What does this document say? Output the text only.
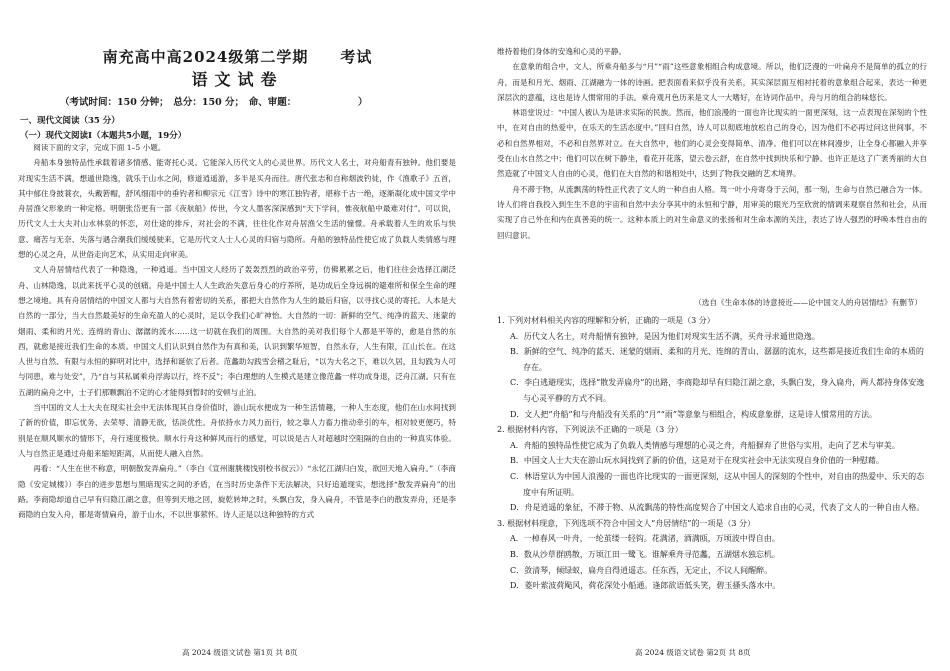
南充高中高2024级第二学期　　考试
语文试卷
（考试时间：150 分钟；　总分：150 分；　命、审题：　　　　　　　）
一、现代文阅读（35 分）
（一）现代文阅读Ⅰ（本题共5小题，19分）

阅读下面的文字，完成下面 1–5 小题。

舟船本身独特品性承载着诸多情感、能寄托心灵。它能深入历代文人的心灵世界。历代文人名士，对舟船青有独钟。他们要是对现实生活不满，想遁世隐逸，就乐于山水之间，修道逍遥游，多半是买舟而往。唐代张志和自称烟波钓徒，作《渔歌子》五首，其中郁住身披蓑衣，头戴箬帽，舒风细雨中的垂钓者和柳宗元《江雪》诗中的寒江独钓者，堪称千古一绝，逐渐凝化成中国文学中舟居渔父形象的一种定格。明朝张岱更有一部《夜航船》传世，今文人墨客深深感到“天下学问，惟夜航船中最难对付”。可以说，历代文人士大夫对山水林泉的怀恋，对仕途的排斥，对社会的不满，往往化作对舟居渔父生活的憧憬。舟承载着人生的欢乐与快意、痛苦与无奈、失落与遇合潮我们缓缓驶来，它是历代文人士人心灵的归宿与隐所。舟船的独特品性使它成了负载人类情感与理想的心灵之舟，从世俗走向艺术，从实用走向审美。

文人舟居情结代表了一种隐逸，一种逍遥。当中国文人经历了轰轰烈烈的政治辛劳，仿佛累累之后，他们往往会选择江湖泛舟、山林隐逸，以此来抚平心灵的创痛。舟是中国士人人生政治失意后身心的疗养所，是功成后全身远祸的避难所和保全生命的理想之境地。具有舟居情结的中国文人都与大自然有着密切的关系，都把大自然作为人生的最后归宿，以寻找心灵的寄托。人本是大自然的一部分，当大自然最美好的生命充盈人的心灵时，足以令我们心旷神怡。大自然的一切：新鲜的空气、纯净的蓝天、迷蒙的烟雨、柔和的月光、连绵的青山、潺潺的流水……这一切就在我们的周围。大自然的美对我们每个人都是平等的，愈是自然的东西，就愈是接近我们生命的本质。中国文人们认识到自然作为有真和美，认识到繁华短智，自然永存，人生有限，江山长在。在这人世与自然、有限与永恒的鲜明对比中，选择和诞依了后者。范蠡助勾践雪会稽之耻后，“以为大名之下，难以久居，且勾践为人可与同患，难与处安”，乃“自与其私属乘舟浮海以行，终不反”；李白理想的人生模式是建立像范蠡一样功成身退，泛舟江湖。只有在五湖的扁舟之中，士子们那颗飘泊不定的心才能得到暂时的安顿与止泊。

当中国的文人士大夫在现实社会中无法体现其自身价值时，游山玩水便成为一种生活情趣，一种人生态度，他们在山水间找到了新的价值，即忘忧务、去荣辱、清静无欲，恬淡优性。舟依持水力风力而行，较之靠人力畜力推动牵引的车，相对较更便巧，特别是在顺风顺水的情形下，舟行速度极快。顺水行舟这种鲜风而行的感觉，可以说是古人对超越时空阻隔的自由的一种真实体验。人与自然正是通过舟船来缩短距离，从而使人融入自然。

再看：“人生在世不称意，明朝散发弄扁舟。”（李白《宣州谢朓楼饯别校书叔云》）“永忆江湖归白发，欲回天地入扁舟。”（李商隐《安定城楼》）李白的进步思想与黑暗现实之间的矛盾，在当时历史条件下无法解决，只好追遁现实，想选择“散发弄扁舟”的出路。李商隐却道自己早有归隐江湖之意，但等到天地之回，旋乾转坤之时，头飘白发，身入扁舟，不管是李白的散发弄舟，还是李商隐的白发入舟，都是寄情扁舟，游于山水，不以世事萦怀。诗人正是以这种独特的方式

高 2024 级语文试卷 第1页 共 8页

维持着他们身体的安逸和心灵的平静。

在意象的组合中，文人、所乘舟船多与“月”“雨”这些意象相组合构成意境。所以，他们泛漫的一叶扁舟不是简单的孤立的行舟，而是和月光、烟雨、江湖融为一体的诗画。把表面看来似乎没有关系，其实深层面互相衬托着的意象组合起来，表达一种更深层次的意蕴，这也是诗人惯常用的手法。乘舟观月色历来是文人一大嗜好，在诗词作品中，舟与月的组合韵味悠长。

林语堂说过：“中国人被认为是讲求实际的民族。然而，他们浪漫的一面也许比现实的一面更深刻，这一点表现在深刻的个性中，在对自由的热爱中，在乐天的生活态度中。”回归自然，诗人可以彻底地放松自己的身心，因为他们不必再过问这世间事，不必和自然界相对，不必和自然界对立。在大自然中，他们的心灵会变得简单、清净。他们可以在林间漫步，让全身心都融入并享受在山水自然之中；他们可以在树下静坐，看花开花落，望云卷云舒，在自然中找到快乐和宁静。也许正是这了广袤秀丽的大自然造就了中国文人自由的心灵，他们在大自然的和谐相处中，达到了物我交融的艺术境界。

舟不滞于物，从流飘荡的特性正代表了文人的一种自由人格。驾一叶小舟寄身于云间，那一刻，生命与自然已融合为一体。诗人们将自我投入到生生不息的宇宙和自然中去分享其中的永恒和宁静，用审美的眼光乃至欣赏的情调来观察自然和社会，从而实现了自己外在和内在真善美的统一。这种本质上的对生命意义的张扬和对生命本源的关注，表达了诗人强烈的呼唤本性自由的回归意识。

（选自《生命本体的诗意接近——论中国文人的舟居情结》有删节）

1. 下列对材料相关内容的理解和分析，正确的一项是（3 分）

A．历代文人名士，对舟船情有独钟，是因为他们对现实生活不满，买舟寻求遁世隐逸。

B．新鲜的空气、纯净的蓝天、迷蒙的烟雨、柔和的月光、连绵的青山、潺潺的流水，这些都是接近我们生命的本质的存在。

C．李白逃避现实，选择“散发弄扁舟”的出路，李商隐却早有归隐江湖之意，头飘白发，身入扁舟，两人都持身体安逸与心灵平静的方式不同。

D．文人把“舟船”和与舟船没有关系的“月”“雨”等意象与相组合，构成意象群，这是诗人惯常用的方法。

2. 根据材料内容，下列说法不正确的一项是（3 分）

A．舟船的独特品性使它成为了负载人类情感与理想的心灵之舟，舟船摒弃了世俗与实用，走向了艺术与审美。

B．中国文人士大夫在游山玩水间找到了新的价值，这是对于在现实社会中无法实现自身价值的一种慰藉。

C．林语堂认为中国人浪漫的一面也许比现实的一面更深刻，这从中国人的深刻的个性中，对自由的热爱中、乐天的态度中有所证明。

D．舟是逍遥的象征，不滞于物、从流飘荡的特性高度契合了中国文人追求自由的心灵，代表了文人的一种自由人格。

3. 根据材料现意，下列选项不符合中国文人“舟居情结”的一项是（3 分）

A．一棹春风一叶舟，一纶茧缕一轻钩。花满渚，酒满瓯，万顷波中得自由。

B．数从沙草群鸥散，万顷江田一鹭飞。谁解乘舟寻范蠡，五湖烟水独忘机。

C．敛清琴，倾绿蚁，扁舟自得逍遥志。任东西，无定止，不议人间醒醉。

D．菱叶萦波荷飐风，荷花深处小船通。逢郎欲语低头笑，碧玉搔头落水中。

高 2024 级语文试卷 第2页 共 8页
